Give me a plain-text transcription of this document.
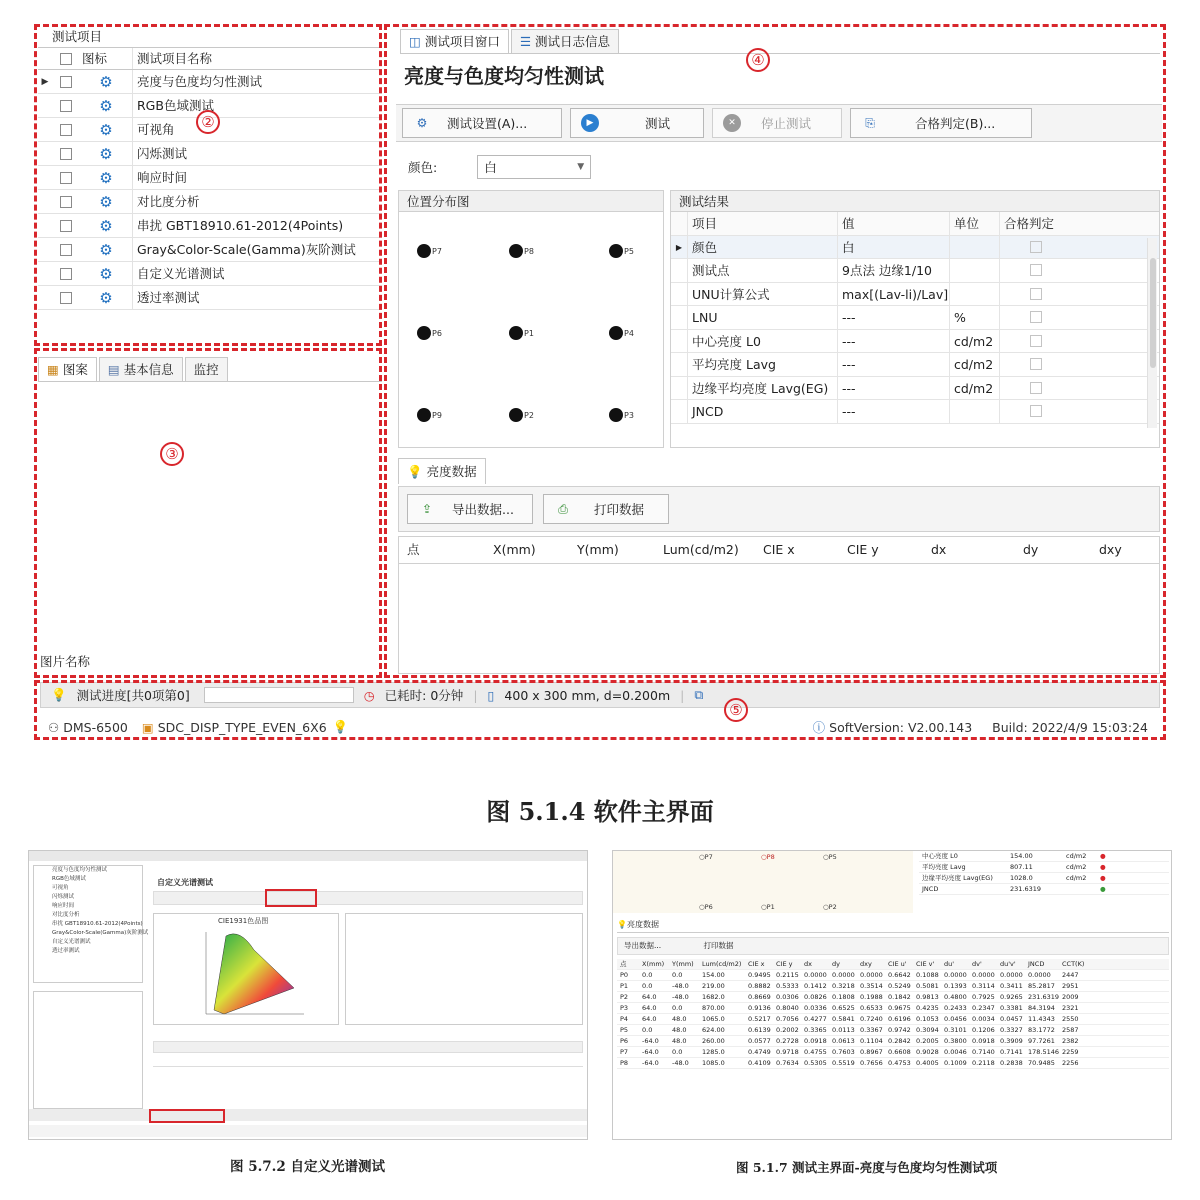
测试项目
图标	测试项目名称
▶	⚙	亮度与色度均匀性测试
⚙	RGB色域测试
⚙	可视角
⚙	闪烁测试
⚙	响应时间
⚙	对比度分析
⚙	串扰 GBT18910.61-2012(4Points)
⚙	Gray&Color-Scale(Gamma)灰阶测试
⚙	自定义光谱测试
⚙	透过率测试
▦ 图案 ▤ 基本信息 监控
图片名称
◫ 测试项目窗口 ☰ 测试日志信息
亮度与色度均匀性测试
⚙ 测试设置(A)...	▶	测试	✕	停止测试	⎘	合格判定(B)...
颜色:	白	▼
位置分布图
P7	P8	P5
P6	P1	P4
P9	P2	P3
测试结果
项目	值	单位	合格判定
▶ 颜色	白
测试点	9点法 边缘1/10
UNU计算公式	max[(Lav-li)/Lav]
LNU	---	%
中心亮度 L0	---	cd/m2
平均亮度 Lavg	---	cd/m2
边缘平均亮度 Lavg(EG)	---	cd/m2
JNCD	---
💡 亮度数据
⇪	导出数据...	⎙	打印数据
点	X(mm)	Y(mm)	Lum(cd/m2)	CIE x	CIE y	dx	dy	dxy
💡 测试进度[共0项第0]	◷ 已耗时: 0分钟 | ▯ 400 x 300 mm, d=0.200m | ⧉
⚇ DMS-6500 ▣ SDC_DISP_TYPE_EVEN_6X6 💡	ⓘ SoftVersion: V2.00.143 Build: 2022/4/9 15:03:24
②
③
④
⑤
图 5.1.4 软件主界面
亮度与色度均匀性测试
RGB色域测试
可视角
闪烁测试
响应时间
对比度分析
串扰 GBT18910.61-2012(4Points)
Gray&Color-Scale(Gamma)灰阶测试
自定义光谱测试
透过率测试
自定义光谱测试
CIE1931色品图
图 5.7.2 自定义光谱测试
○P7	○P8	○P5
○P6	○P1	○P2
中心亮度 L0	154.00	cd/m2	●
平均亮度 Lavg	807.11	cd/m2	●
边缘平均亮度 Lavg(EG)	1028.0	cd/m2	●
JNCD	231.6319	●
💡亮度数据
导出数据...	打印数据
点	X(mm)	Y(mm)	Lum(cd/m2)	CIE x	CIE y	dx	dy	dxy	CIE u'	CIE v'	du'	dv'	du'v'	JNCD	CCT(K)
P0	0.0	0.0	154.00	0.9495 0.2115 0.0000 0.0000 0.0000 0.6642 0.1088 0.0000 0.0000 0.0000 0.0000	2447
P1	0.0	-48.0	219.00	0.8882 0.5333 0.1412 0.3218 0.3514 0.5249 0.5081 0.1393 0.3114 0.3411 85.2817	2951
P2	64.0	-48.0	1682.0	0.8669 0.0306 0.0826 0.1808 0.1988 0.1842 0.9813 0.4800 0.7925 0.9265 231.6319 2009
P3	64.0	0.0	870.00	0.9136 0.8040 0.0336 0.6525 0.6533 0.9675 0.4235 0.2433 0.2347 0.3381 84.3194	2321
P4	64.0	48.0	1065.0	0.5217 0.7056 0.4277 0.5841 0.7240 0.6196 0.1053 0.0456 0.0034 0.0457 11.4343	2550
P5	0.0	48.0	624.00	0.6139 0.2002 0.3365 0.0113 0.3367 0.9742 0.3094 0.3101 0.1206 0.3327 83.1772	2587
P6	-64.0	48.0	260.00	0.0577 0.2728 0.0918 0.0613 0.1104 0.2842 0.2005 0.3800 0.0918 0.3909 97.7261	2382
P7	-64.0	0.0	1285.0	0.4749 0.9718 0.4755 0.7603 0.8967 0.6608 0.9028 0.0046 0.7140 0.7141 178.5146 2259
P8	-64.0	-48.0	1085.0	0.4109 0.7634 0.5305 0.5519 0.7656 0.4753 0.4005 0.1009 0.2118 0.2838 70.9485	2256
图 5.1.7 测试主界面-亮度与色度均匀性测试项
